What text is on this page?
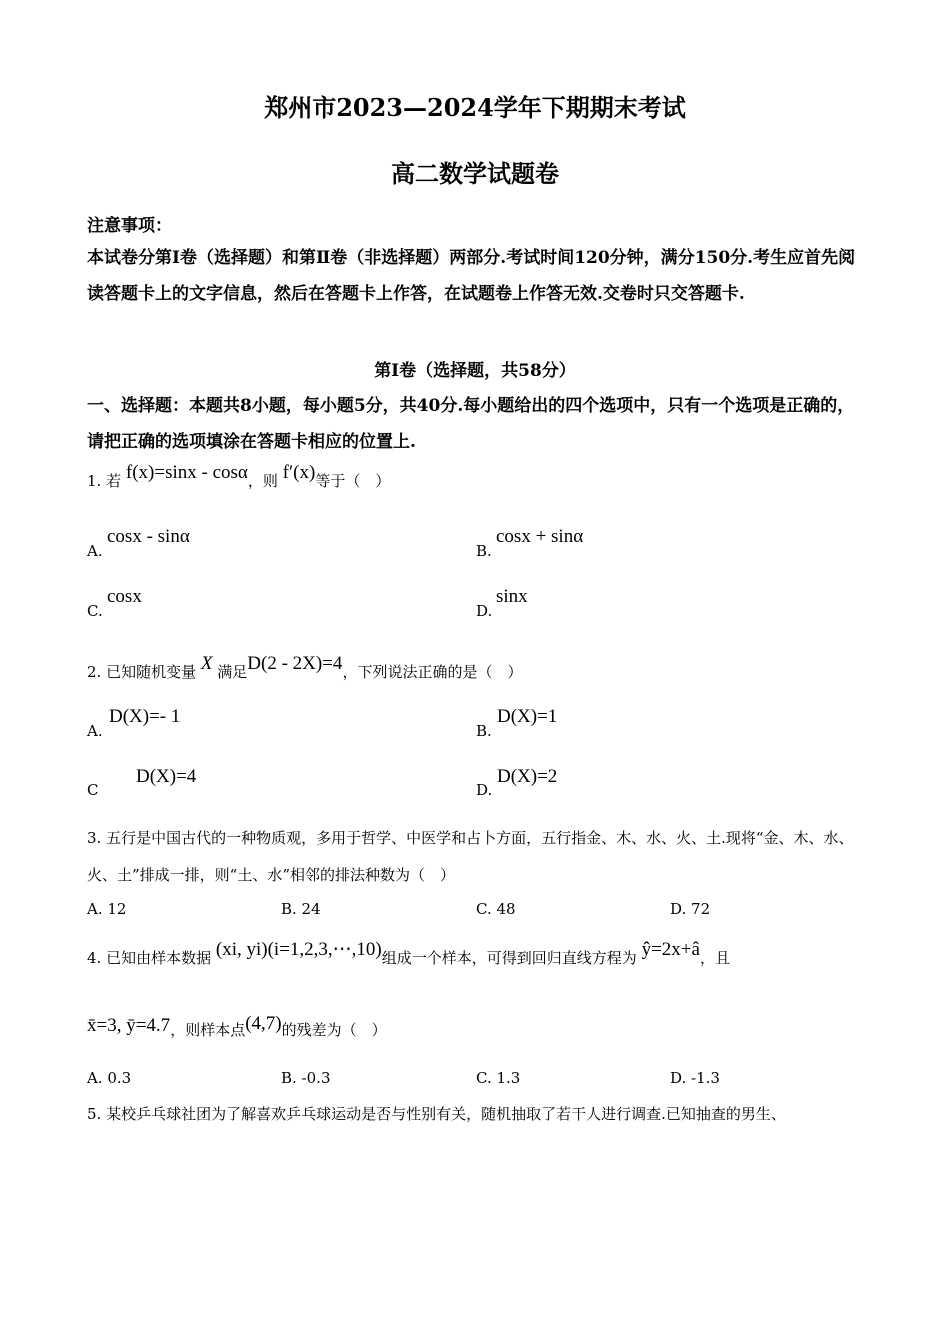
郑州市2023—2024学年下期期末考试
高二数学试题卷
注意事项：
本试卷分第I卷（选择题）和第Ⅱ卷（非选择题）两部分.考试时间120分钟，满分150分.考生应首先阅读答题卡上的文字信息，然后在答题卡上作答，在试题卷上作答无效.交卷时只交答题卡.
第I卷（选择题，共58分）
一、选择题：本题共8小题，每小题5分，共40分.每小题给出的四个选项中，只有一个选项是正确的，请把正确的选项填涂在答题卡相应的位置上.
1. 若 f(x)=sinx - cosα，则 f′(x)等于（　）
A.
cosx - sinα
B.
cosx + sinα
C.
cosx
D.
sinx
2. 已知随机变量 X 满足D(2 - 2X)=4，下列说法正确的是（　）
A.
D(X)=- 1
B.
D(X)=1
C
D(X)=4
D.
D(X)=2
3. 五行是中国古代的一种物质观，多用于哲学、中医学和占卜方面，五行指金、木、水、火、土.现将“金、木、水、火、土”排成一排，则“土、水”相邻的排法种数为（　）
A. 12	B. 24	C. 48	D. 72
4. 已知由样本数据 (xi, yi)(i=1,2,3,⋯,10)组成一个样本，可得到回归直线方程为 ŷ=2x+â，且
x̄=3, ȳ=4.7，则样本点(4,7)的残差为（　）
A. 0.3	B. -0.3	C. 1.3	D. -1.3
5. 某校乒乓球社团为了解喜欢乒乓球运动是否与性别有关，随机抽取了若干人进行调查.已知抽查的男生、
